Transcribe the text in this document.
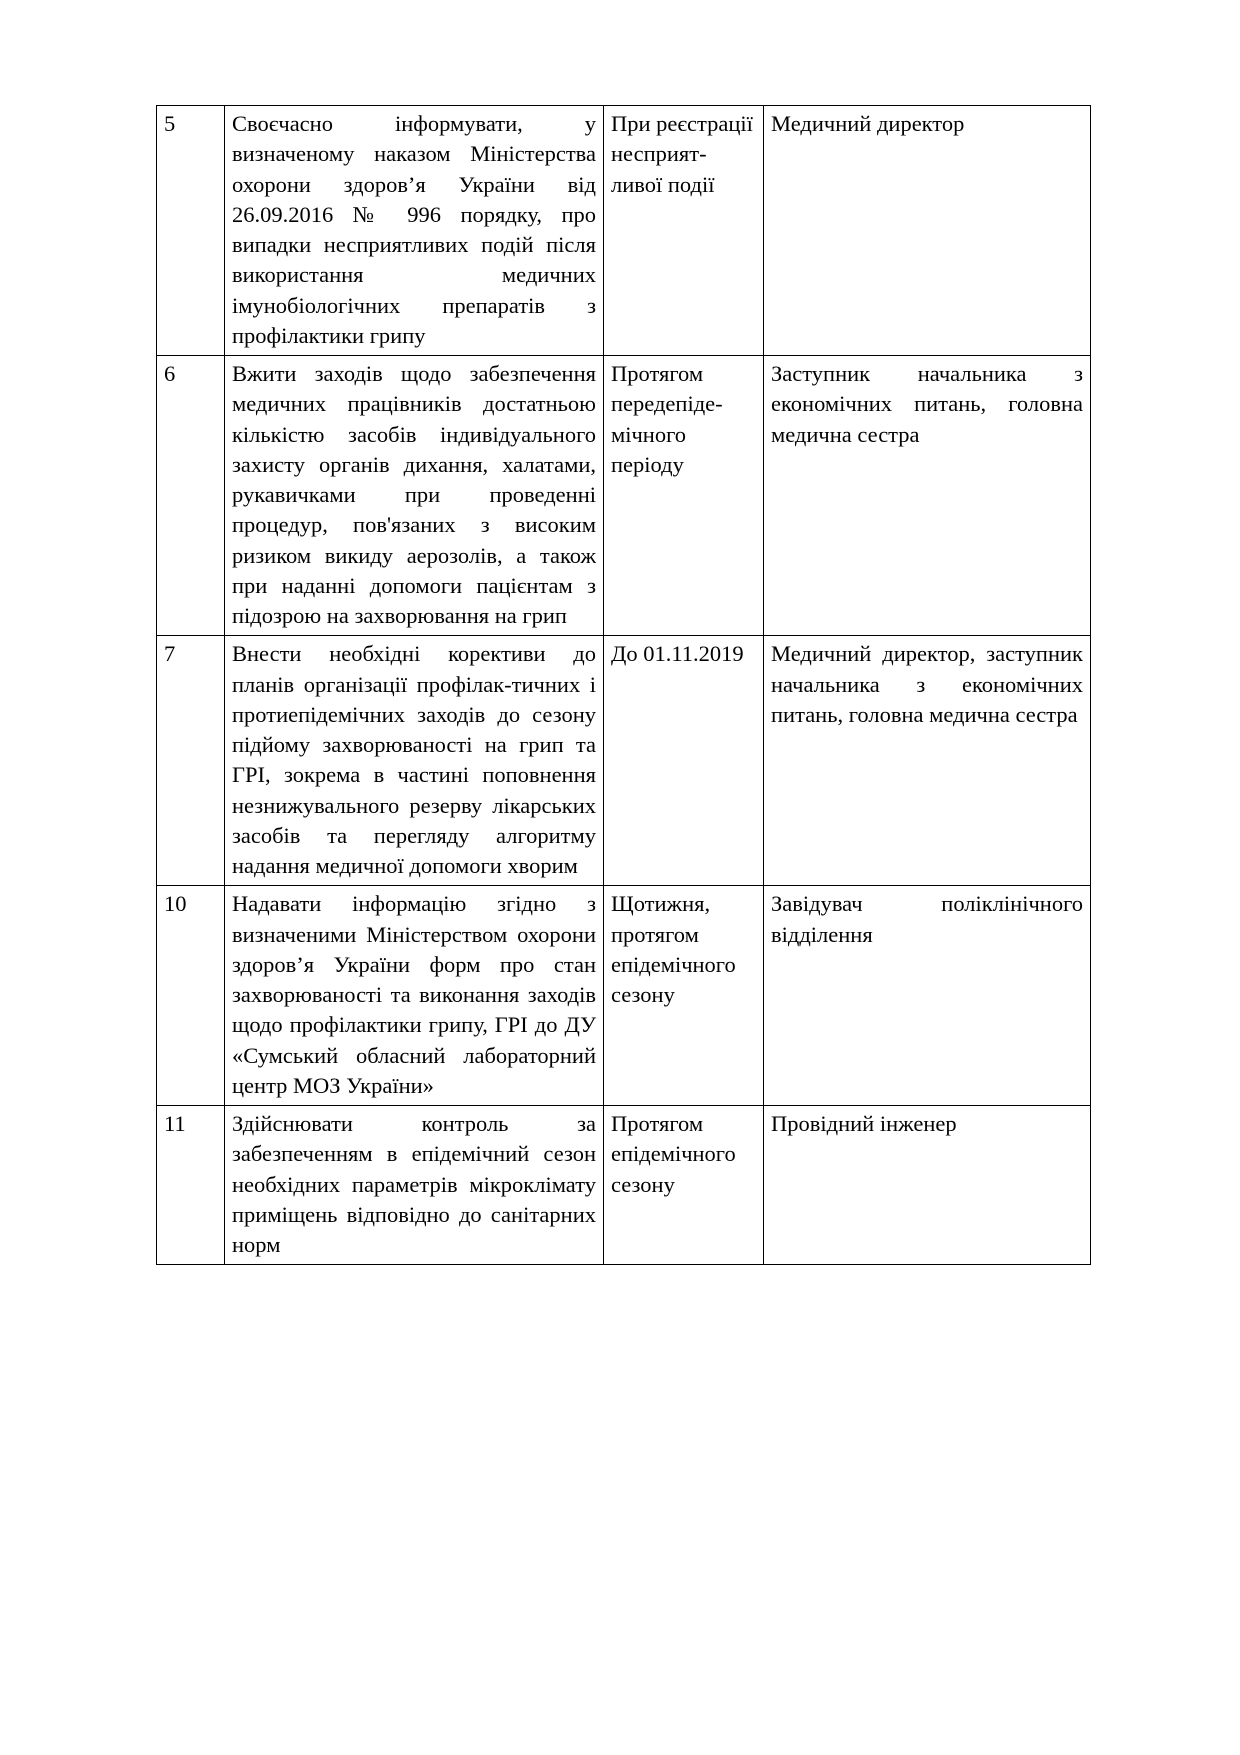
5	Своєчасно інформувати, у визначеному наказом Міністерства охорони здоров’я України від 26.09.2016 № 996 порядку, про випадки несприятливих подій після використання медичних імунобіологічних препаратів з профілактики грипу	При реєстрації несприят-ливої події	Медичний директор
6	Вжити заходів щодо забезпечення медичних працівників достатньою кількістю засобів індивідуального захисту органів дихання, халатами, рукавичками при проведенні процедур, пов'язаних з високим ризиком викиду аерозолів, а також при наданні допомоги пацієнтам з підозрою на захворювання на грип	Протягом передепіде-мічного періоду	Заступник начальника з економічних питань, головна медична сестра
7	Внести необхідні корективи до планів організації профілак-тичних і протиепідемічних заходів до сезону підйому захворюваності на грип та ГРІ, зокрема в частині поповнення незнижувального резерву лікарських засобів та перегляду алгоритму надання медичної допомоги хворим	До 01.11.2019	Медичний директор, заступник начальника з економічних питань, головна медична сестра
10	Надавати інформацію згідно з визначеними Міністерством охорони здоров’я України форм про стан захворюваності та виконання заходів щодо профілактики грипу, ГРІ до ДУ «Сумський обласний лабораторний центр МОЗ України»	Щотижня, протягом епідемічного сезону	Завідувач поліклінічного відділення
11	Здійснювати контроль за забезпеченням в епідемічний сезон необхідних параметрів мікроклімату приміщень відповідно до санітарних норм	Протягом епідемічного сезону	Провідний інженер
